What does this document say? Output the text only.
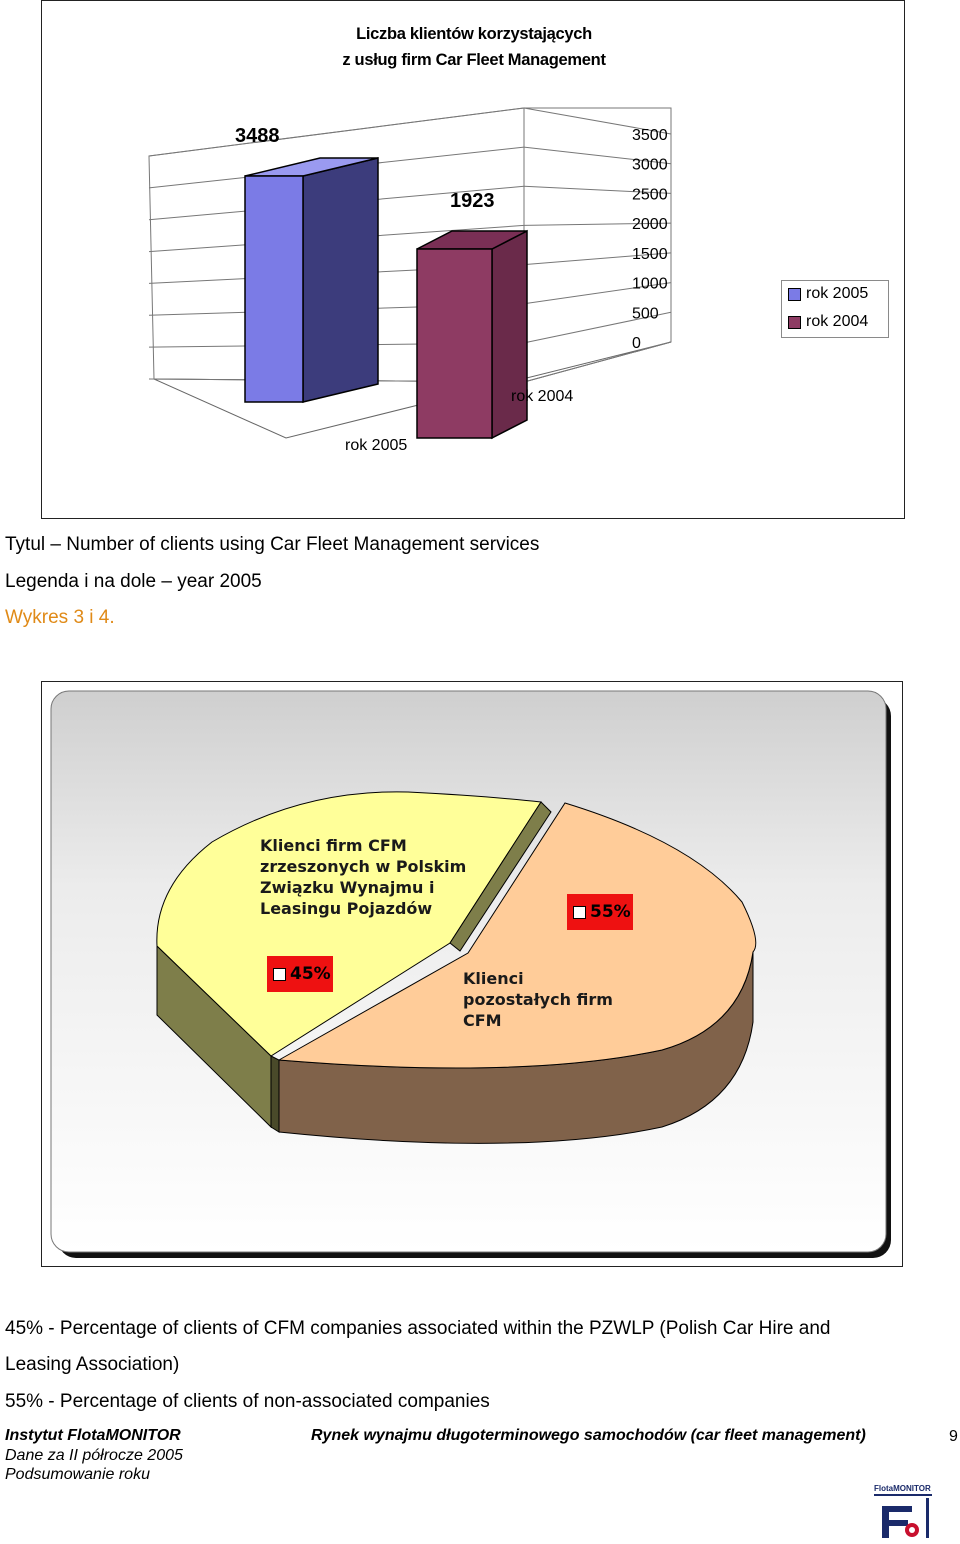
Liczba klientów korzystających
z usług firm Car Fleet Management
3488
1923
rok 2004
rok 2005
3500
3000
2500
2000
1500
1000
500
0
rok 2005
rok 2004
Tytul – Number of clients using Car Fleet Management services
Legenda i na dole – year 2005
Wykres 3 i 4.
Klienci firm CFM
zrzeszonych w Polskim
Związku Wynajmu i
Leasingu Pojazdów	55%
45%	Klienci
pozostałych firm
CFM
45% - Percentage of clients of CFM companies associated within the PZWLP (Polish Car Hire and
Leasing Association)
55% - Percentage of clients of non-associated companies
Instytut FlotaMONITOR
Dane za II półrocze 2005
Podsumowanie roku
Rynek wynajmu długoterminowego samochodów (car fleet management)	9
FlotaMONITOR
